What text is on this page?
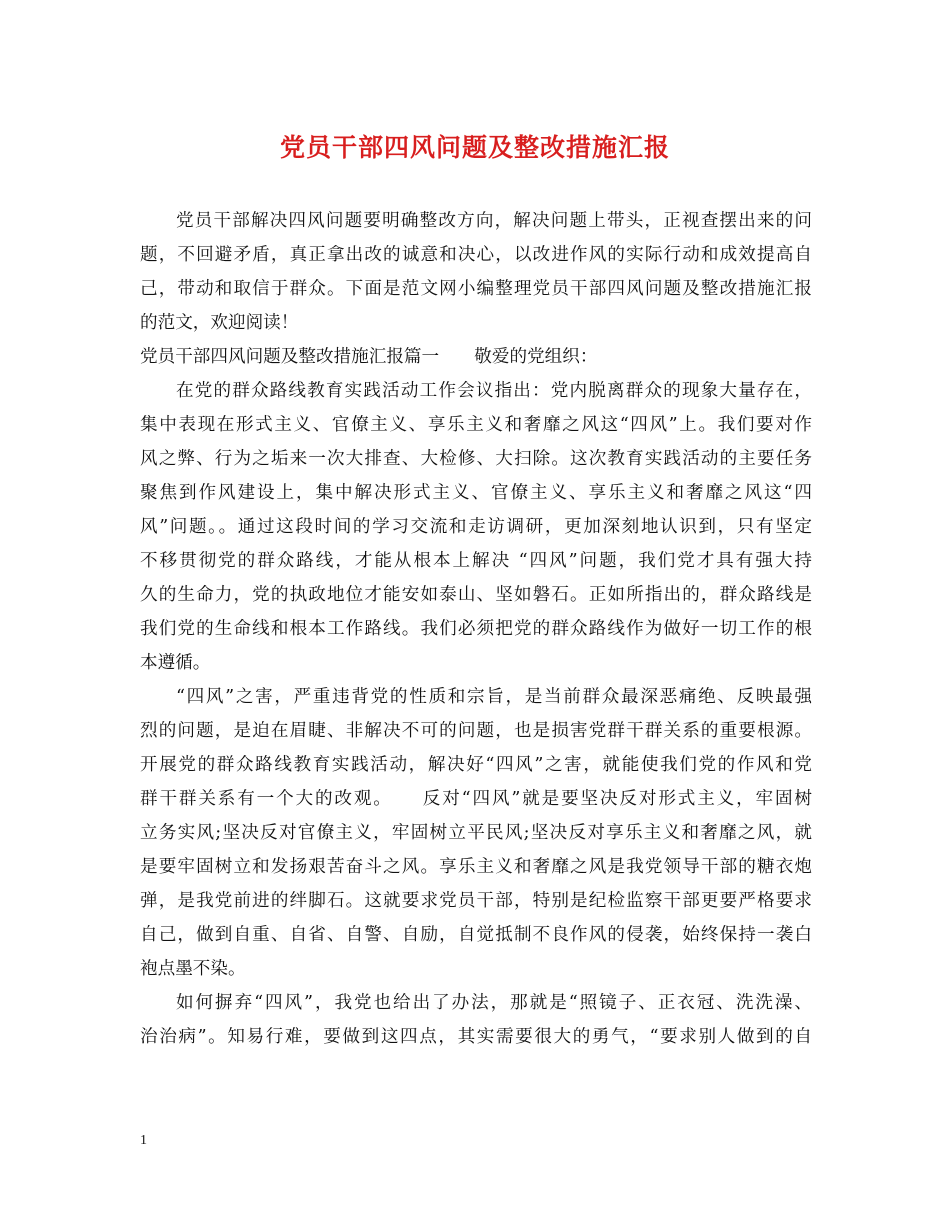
党员干部四风问题及整改措施汇报
党员干部解决四风问题要明确整改方向，解决问题上带头，正视查摆出来的问
题，不回避矛盾，真正拿出改的诚意和决心，以改进作风的实际行动和成效提高自
己，带动和取信于群众。下面是范文网小编整理党员干部四风问题及整改措施汇报
的范文，欢迎阅读！
党员干部四风问题及整改措施汇报篇一　　敬爱的党组织：
在党的群众路线教育实践活动工作会议指出：党内脱离群众的现象大量存在，
集中表现在形式主义、官僚主义、享乐主义和奢靡之风这“四风”上。我们要对作
风之弊、行为之垢来一次大排查、大检修、大扫除。这次教育实践活动的主要任务
聚焦到作风建设上，集中解决形式主义、官僚主义、享乐主义和奢靡之风这“四
风”问题。。通过这段时间的学习交流和走访调研，更加深刻地认识到，只有坚定
不移贯彻党的群众路线，才能从根本上解决 “四风”问题，我们党才具有强大持
久的生命力，党的执政地位才能安如泰山、坚如磐石。正如所指出的，群众路线是
我们党的生命线和根本工作路线。我们必须把党的群众路线作为做好一切工作的根
本遵循。
“四风”之害，严重违背党的性质和宗旨，是当前群众最深恶痛绝、反映最强
烈的问题，是迫在眉睫、非解决不可的问题，也是损害党群干群关系的重要根源。
开展党的群众路线教育实践活动，解决好“四风”之害，就能使我们党的作风和党
群干群关系有一个大的改观。　　反对“四风”就是要坚决反对形式主义，牢固树
立务实风;坚决反对官僚主义，牢固树立平民风;坚决反对享乐主义和奢靡之风，就
是要牢固树立和发扬艰苦奋斗之风。享乐主义和奢靡之风是我党领导干部的糖衣炮
弹，是我党前进的绊脚石。这就要求党员干部，特别是纪检监察干部更要严格要求
自己，做到自重、自省、自警、自励，自觉抵制不良作风的侵袭，始终保持一袭白
袍点墨不染。
如何摒弃“四风”，我党也给出了办法，那就是“照镜子、正衣冠、洗洗澡、
治治病”。知易行难，要做到这四点，其实需要很大的勇气，“要求别人做到的自
1
